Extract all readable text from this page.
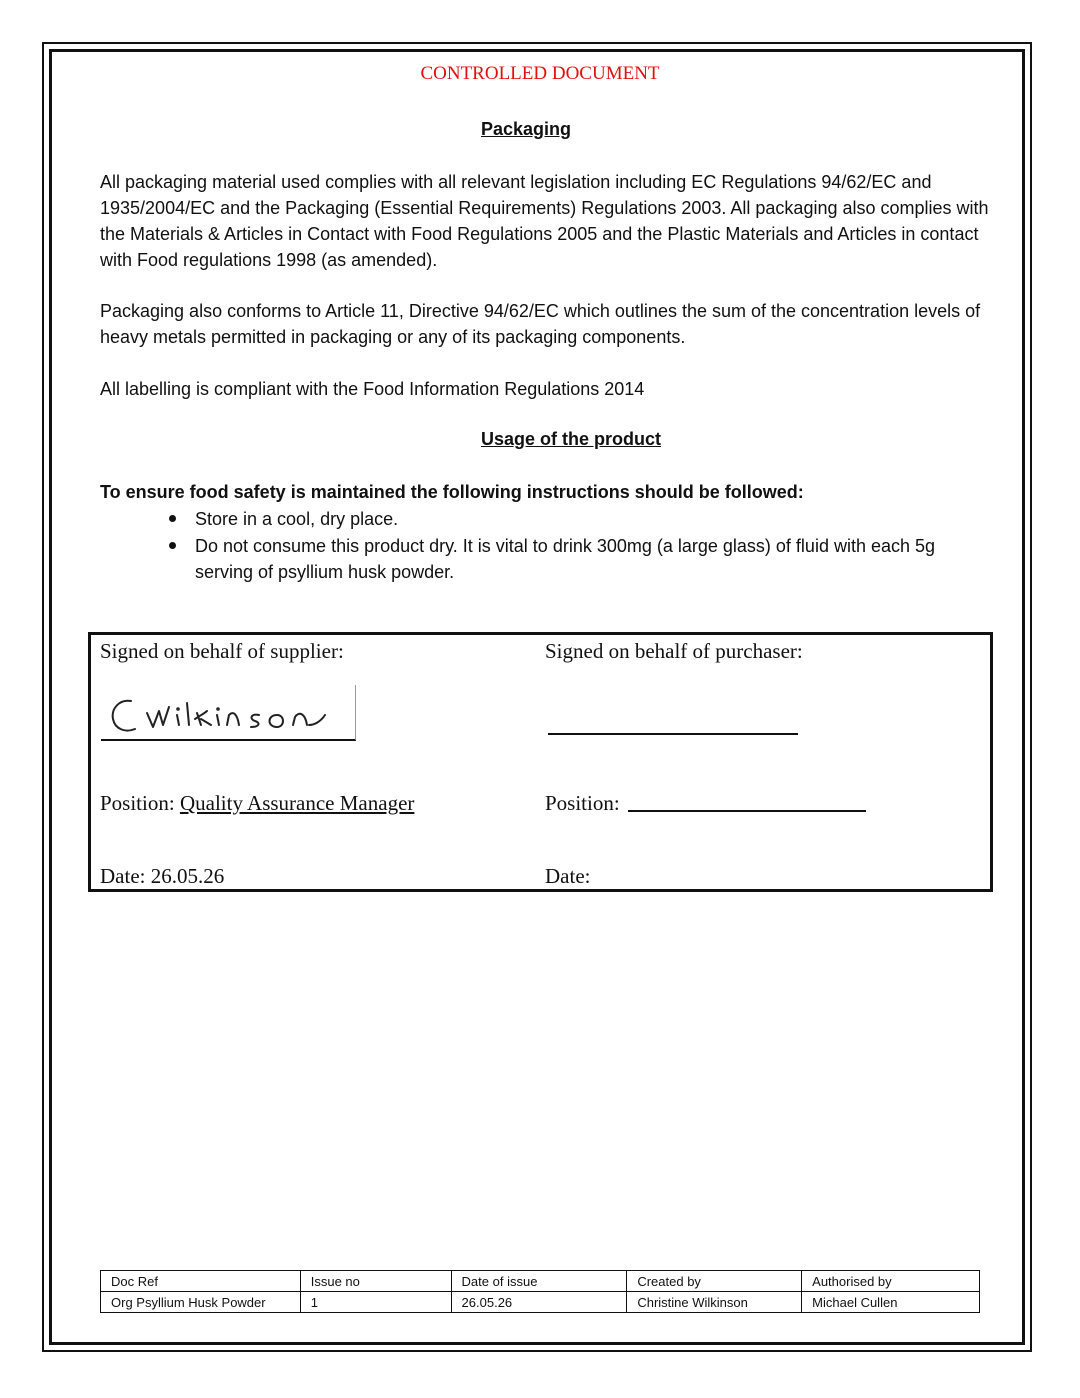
CONTROLLED DOCUMENT
Packaging

All packaging material used complies with all relevant legislation including EC Regulations 94/62/EC and 1935/2004/EC and the Packaging (Essential Requirements) Regulations 2003. All packaging also complies with the Materials & Articles in Contact with Food Regulations 2005 and the Plastic Materials and Articles in contact with Food regulations 1998 (as amended).

Packaging also conforms to Article 11, Directive 94/62/EC which outlines the sum of the concentration levels of heavy metals permitted in packaging or any of its packaging components.

All labelling is compliant with the Food Information Regulations 2014

Usage of the product

To ensure food safety is maintained the following instructions should be followed:

Store in a cool, dry place.
Do not consume this product dry. It is vital to drink 300mg (a large glass) of fluid with each 5g serving of psyllium husk powder.
Signed on behalf of supplier:	Signed on behalf of purchaser:
Position: Quality Assurance Manager	Position:
Date: 26.05.26	Date:
Doc Ref	Issue no	Date of issue	Created by	Authorised by
Org Psyllium Husk Powder	1	26.05.26	Christine Wilkinson	Michael Cullen
